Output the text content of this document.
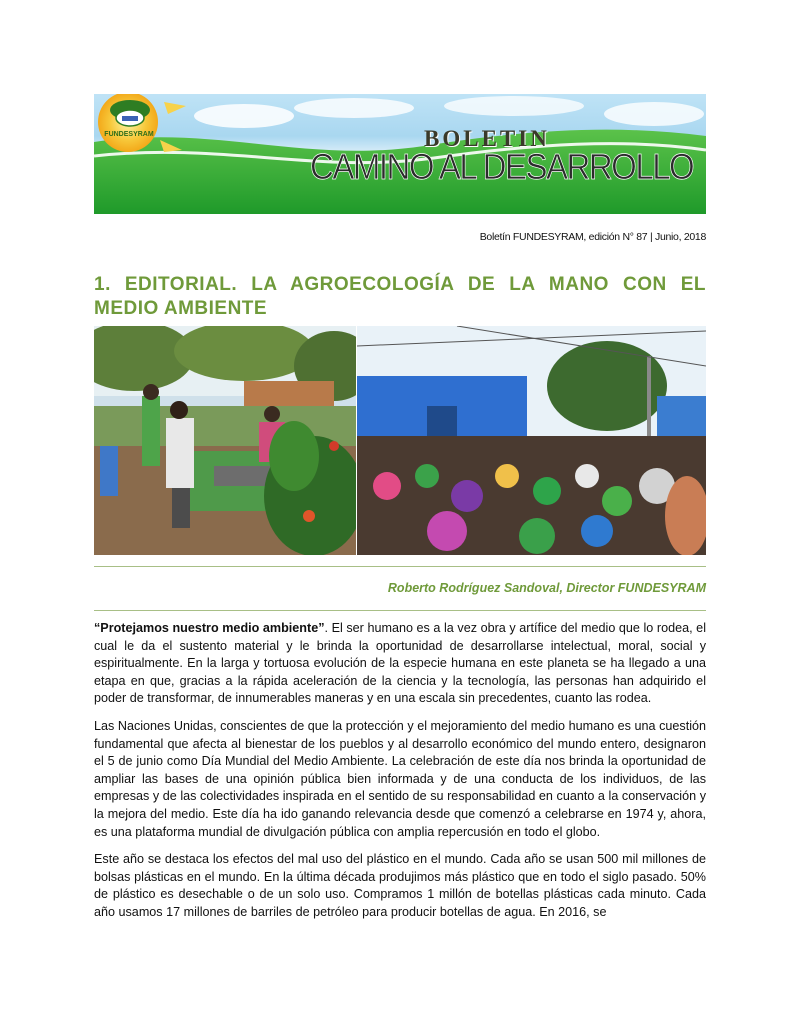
FUNDESYRAM	BOLETIN
CAMINO AL DESARROLLO
Boletín FUNDESYRAM, edición N° 87 | Junio, 2018
1. EDITORIAL. LA AGROECOLOGÍA DE LA MANO CON EL MEDIO AMBIENTE
Roberto Rodríguez Sandoval, Director FUNDESYRAM

“Protejamos nuestro medio ambiente”. El ser humano es a la vez obra y artífice del medio que lo rodea, el cual le da el sustento material y le brinda la oportunidad de desarrollarse intelectual, moral, social y espiritualmente. En la larga y tortuosa evolución de la especie humana en este planeta se ha llegado a una etapa en que, gracias a la rápida aceleración de la ciencia y la tecnología, las personas han adquirido el poder de transformar, de innumerables maneras y en una escala sin precedentes, cuanto las rodea.

Las Naciones Unidas, conscientes de que la protección y el mejoramiento del medio humano es una cuestión fundamental que afecta al bienestar de los pueblos y al desarrollo económico del mundo entero, designaron el 5 de junio como Día Mundial del Medio Ambiente. La celebración de este día nos brinda la oportunidad de ampliar las bases de una opinión pública bien informada y de una conducta de los individuos, de las empresas y de las colectividades inspirada en el sentido de su responsabilidad en cuanto a la conservación y la mejora del medio. Este día ha ido ganando relevancia desde que comenzó a celebrarse en 1974 y, ahora, es una plataforma mundial de divulgación pública con amplia repercusión en todo el globo.

Este año se destaca los efectos del mal uso del plástico en el mundo. Cada año se usan 500 mil millones de bolsas plásticas en el mundo. En la última década produjimos más plástico que en todo el siglo pasado. 50% de plástico es desechable o de un solo uso. Compramos 1 millón de botellas plásticas cada minuto. Cada año usamos 17 millones de barriles de petróleo para producir botellas de agua. En 2016, se
